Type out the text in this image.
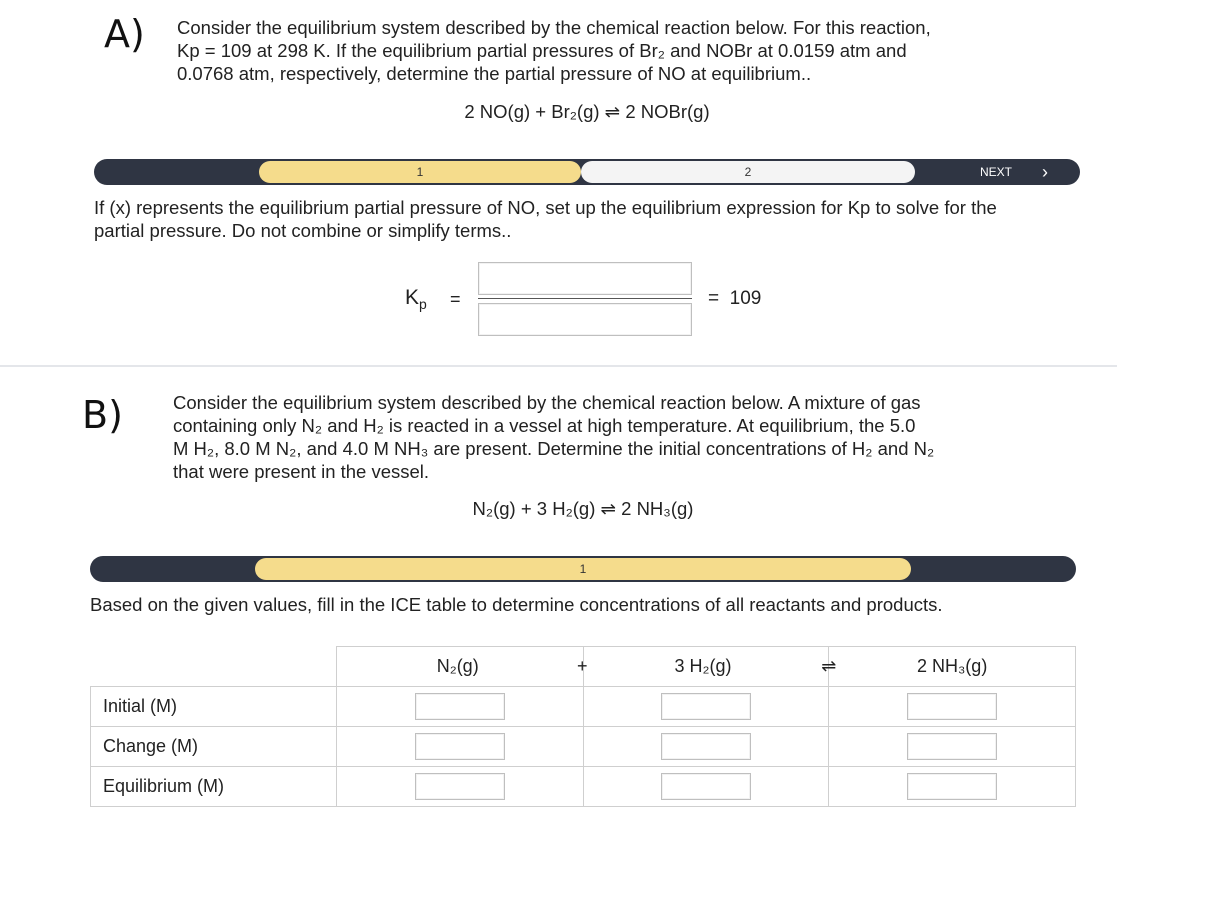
A) Consider the equilibrium system described by the chemical reaction below. For this reaction,
Kp = 109 at 298 K. If the equilibrium partial pressures of Br₂ and NOBr at 0.0159 atm and
0.0768 atm, respectively, determine the partial pressure of NO at equilibrium..
2 NO(g) + Br₂(g) ⇌ 2 NOBr(g)
1	2	NEXT ›
If (x) represents the equilibrium partial pressure of NO, set up the equilibrium expression for Kp to solve for the
partial pressure. Do not combine or simplify terms..
$K_p$ =	= 109
B)	Consider the equilibrium system described by the chemical reaction below. A mixture of gas
containing only N₂ and H₂ is reacted in a vessel at high temperature. At equilibrium, the 5.0
M H₂, 8.0 M N₂, and 4.0 M NH₃ are present. Determine the initial concentrations of H₂ and N₂
that were present in the vessel.
N₂(g) + 3 H₂(g) ⇌ 2 NH₃(g)
1
Based on the given values, fill in the ICE table to determine concentrations of all reactants and products.

	N₂(g) +	3 H₂(g) ⇌	2 NH₃(g)
Initial (M)	

Change (M)	

Equilibrium (M)	
